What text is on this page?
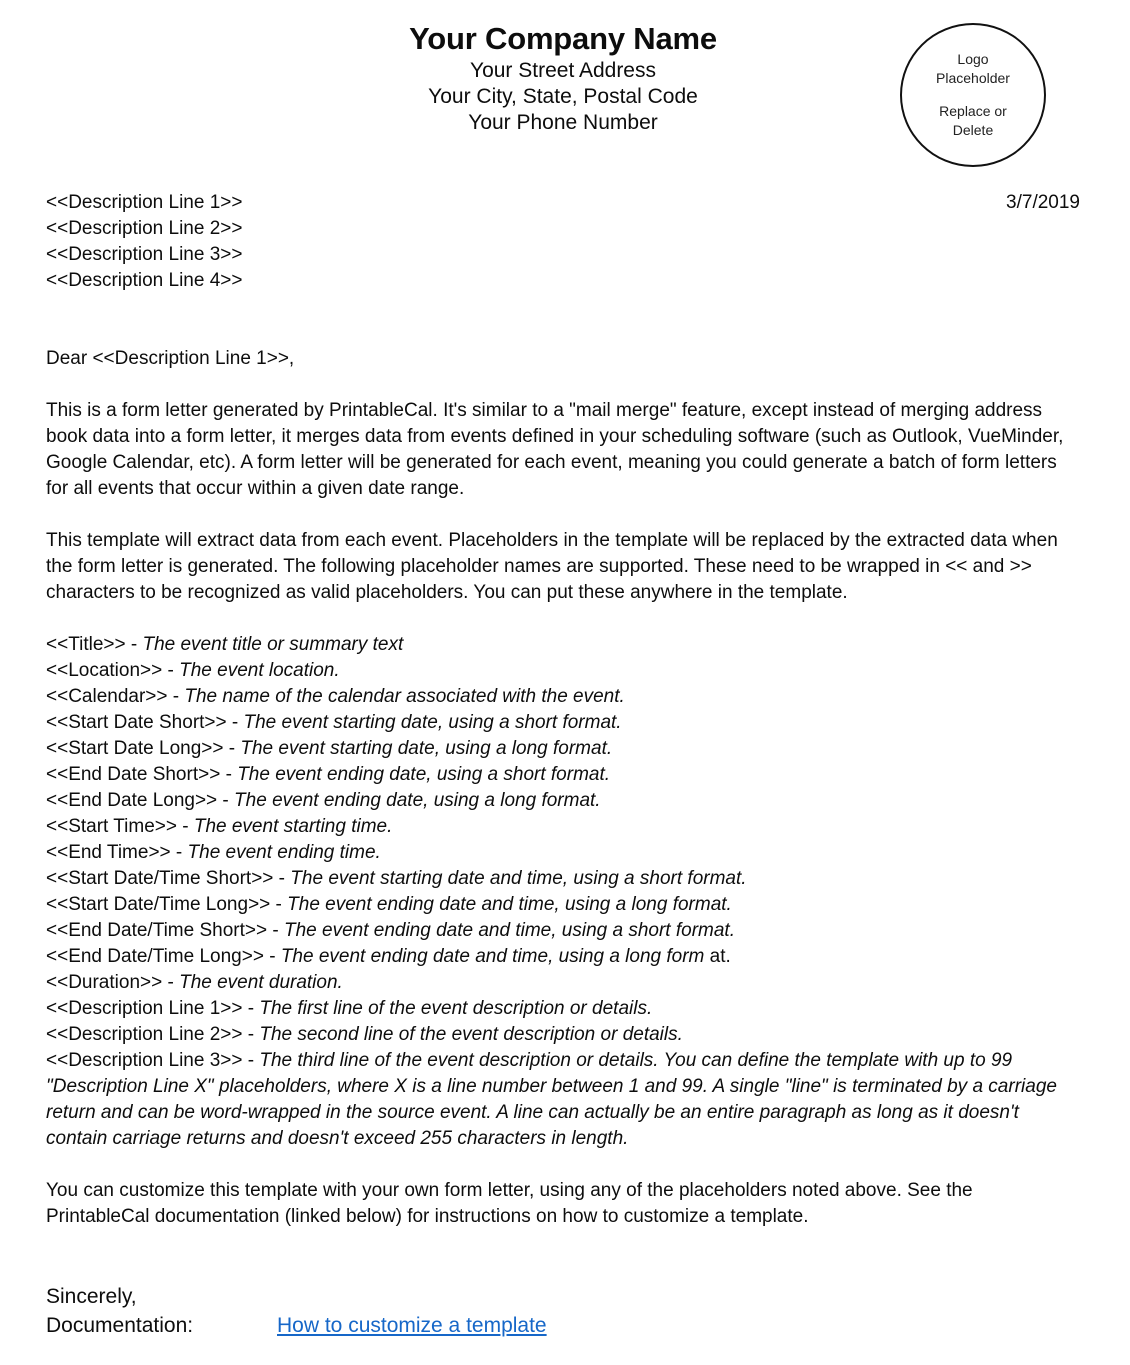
Your Company Name
Your Street Address
Your City, State, Postal Code
Your Phone Number
Logo
Placeholder
Replace or
Delete
3/7/2019
<<Description Line 1>>
<<Description Line 2>>
<<Description Line 3>>
<<Description Line 4>>
Dear <<Description Line 1>>,
This is a form letter generated by PrintableCal. It's similar to a "mail merge" feature, except instead of merging address book data into a form letter, it merges data from events defined in your scheduling software (such as Outlook, VueMinder, Google Calendar, etc). A form letter will be generated for each event, meaning you could generate a batch of form letters for all events that occur within a given date range.
This template will extract data from each event. Placeholders in the template will be replaced by the extracted data when the form letter is generated. The following placeholder names are supported. These need to be wrapped in << and >> characters to be recognized as valid placeholders. You can put these anywhere in the template.
<<Title>> - The event title or summary text
<<Location>> - The event location.
<<Calendar>> - The name of the calendar associated with the event.
<<Start Date Short>> - The event starting date, using a short format.
<<Start Date Long>> - The event starting date, using a long format.
<<End Date Short>> - The event ending date, using a short format.
<<End Date Long>> - The event ending date, using a long format.
<<Start Time>> - The event starting time.
<<End Time>> - The event ending time.
<<Start Date/Time Short>> - The event starting date and time, using a short format.
<<Start Date/Time Long>> - The event ending date and time, using a long format.
<<End Date/Time Short>> - The event ending date and time, using a short format.
<<End Date/Time Long>> - The event ending date and time, using a long form at.
<<Duration>> - The event duration.
<<Description Line 1>> - The first line of the event description or details.
<<Description Line 2>> - The second line of the event description or details.
<<Description Line 3>> - The third line of the event description or details. You can define the template with up to 99 "Description Line X" placeholders, where X is a line number between 1 and 99. A single "line" is terminated by a carriage return and can be word-wrapped in the source event. A line can actually be an entire paragraph as long as it doesn't contain carriage returns and doesn't exceed 255 characters in length.
You can customize this template with your own form letter, using any of the placeholders noted above. See the PrintableCal documentation (linked below) for instructions on how to customize a template.
Sincerely,
Documentation:	How to customize a template
